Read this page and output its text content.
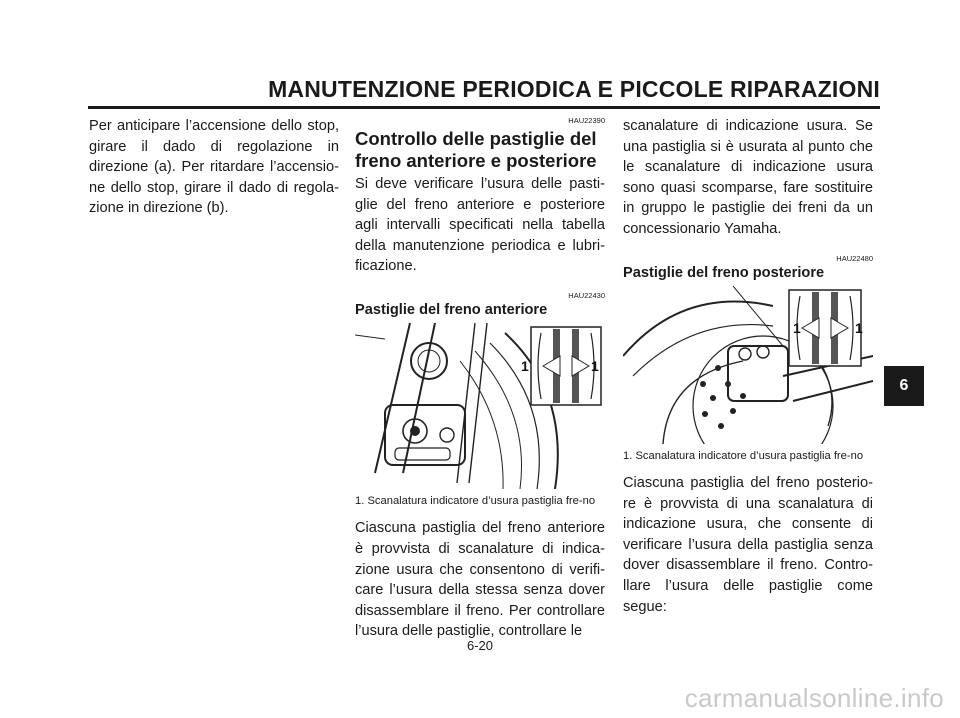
MANUTENZIONE PERIODICA E PICCOLE RIPARAZIONI

Per anticipare l’accensione dello stop, girare il dado di regolazione in direzione (a). Per ritardare l’accensio-ne dello stop, girare il dado di regola-zione in direzione (b).

HAU22390

Controllo delle pastiglie del freno anteriore e posteriore

Si deve verificare l’usura delle pasti-glie del freno anteriore e posteriore agli intervalli specificati nella tabella della manutenzione periodica e lubri-ficazione.

HAU22430

Pastiglie del freno anteriore
1	1

1. Scanalatura indicatore d’usura pastiglia fre-no

Ciascuna pastiglia del freno anteriore è provvista di scanalature di indica-zione usura che consentono di verifi-care l’usura della stessa senza dover disassemblare il freno. Per controllare l’usura delle pastiglie, controllare le

scanalature di indicazione usura. Se una pastiglia si è usurata al punto che le scanalature di indicazione usura sono quasi scomparse, fare sostituire in gruppo le pastiglie dei freni da un concessionario Yamaha.

HAU22480

Pastiglie del freno posteriore
1	1

1. Scanalatura indicatore d’usura pastiglia fre-no

Ciascuna pastiglia del freno posterio-re è provvista di una scanalatura di indicazione usura, che consente di verificare l’usura della pastiglia senza dover disassemblare il freno. Contro-llare l’usura delle pastiglie come segue:

6
6-20
carmanualsonline.info
